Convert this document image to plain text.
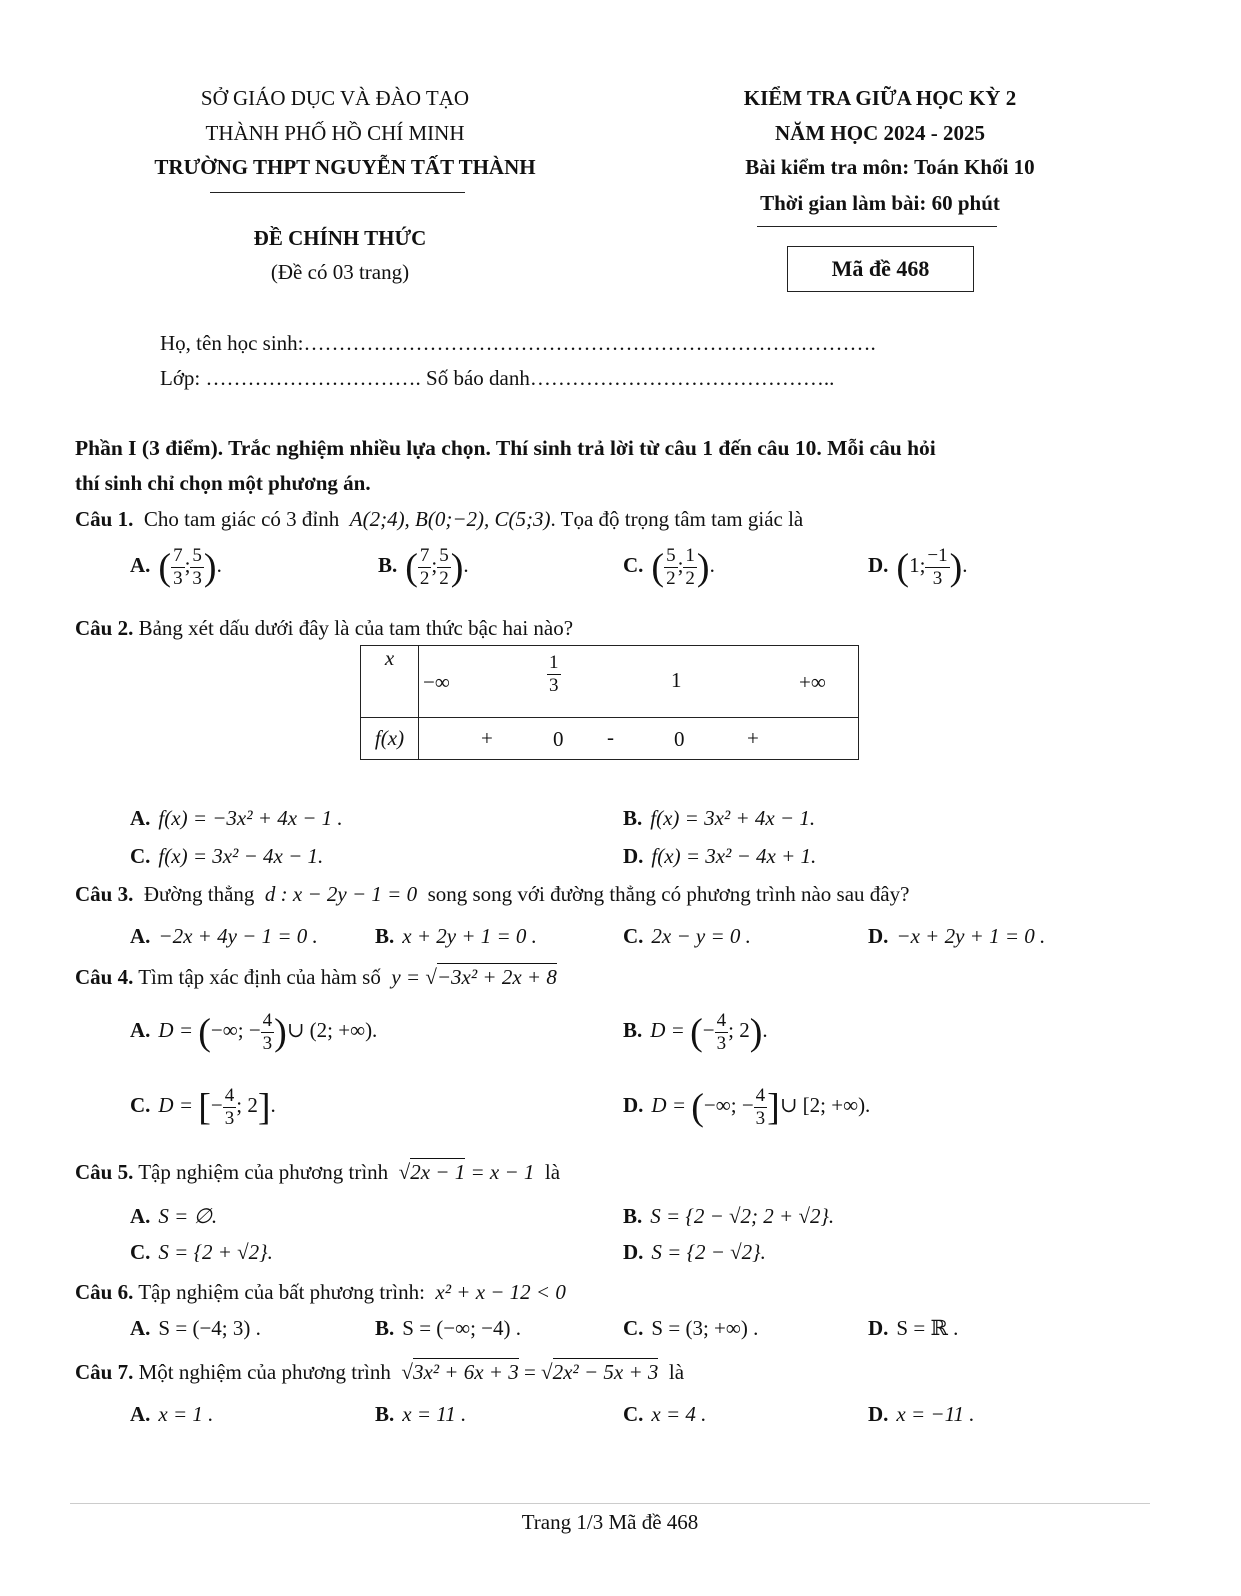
SỞ GIÁO DỤC VÀ ĐÀO TẠO
THÀNH PHỐ HỒ CHÍ MINH
TRƯỜNG THPT NGUYỄN TẤT THÀNH
ĐỀ CHÍNH THỨC
(Đề có 03 trang)
KIỂM TRA GIỮA HỌC KỲ 2
NĂM HỌC 2024 - 2025
Bài kiểm tra môn: Toán Khối 10
Thời gian làm bài: 60 phút
Mã đề 468
Họ, tên học sinh:……………………………………………………………………….
Lớp: …………………………. Số báo danh……………………………………..
Phần I (3 điểm). Trắc nghiệm nhiều lựa chọn. Thí sinh trả lời từ câu 1 đến câu 10. Mỗi câu hỏi
thí sinh chỉ chọn một phương án.
Câu 1. Cho tam giác có 3 đỉnh A(2;4), B(0;−2), C(5;3). Tọa độ trọng tâm tam giác là
A. ( $\frac{7}{3}$ ; $\frac{5}{3}$ ).	B. ( $\frac{7}{2}$ ; $\frac{5}{2}$ ).	C. ( $\frac{5}{2}$ ; $\frac{1}{2}$ ).	D. (1; $\frac{-1}{3}$ ).
Câu 2. Bảng xét dấu dưới đây là của tam thức bậc hai nào?
x	−∞ $\frac{1}{3} 1$ +∞

f(x)	+ 0 - 0 +
A. f(x) = −3x² + 4x − 1 .	B. f(x) = 3x² + 4x − 1.
C. f(x) = 3x² − 4x − 1.	D. f(x) = 3x² − 4x + 1.
Câu 3. Đường thẳng d : x − 2y − 1 = 0 song song với đường thẳng có phương trình nào sau đây?
A. −2x + 4y − 1 = 0 .	B. x + 2y + 1 = 0 .	C. 2x − y = 0 .	D. −x + 2y + 1 = 0 .
Câu 4. Tìm tập xác định của hàm số y = √−3x² + 2x + 8
A. D = (−∞; − $\frac{4}{3}$ )∪ (2; +∞).	B. D = (− $\frac{4}{3}$ ; 2).
C. D = [− $\frac{4}{3}$ ; 2].	D. D = (−∞; − $\frac{4}{3}$ ]∪ [2; +∞).
Câu 5. Tập nghiệm của phương trình  √2x − 1 = x − 1 là
A. S = ∅.	B. S = {2 − √2; 2 + √2}.
C. S = {2 + √2}.	D. S = {2 − √2}.
Câu 6. Tập nghiệm của bất phương trình: x² + x − 12 < 0
A. S = (−4; 3) .	B. S = (−∞; −4) .	C. S = (3; +∞) .	D. S = ℝ .
Câu 7. Một nghiệm của phương trình  √3x² + 6x + 3 = √2x² − 5x + 3 là
A. x = 1 .	B. x = 11 .	C. x = 4 .	D. x = −11 .
Trang 1/3 Mã đề 468
